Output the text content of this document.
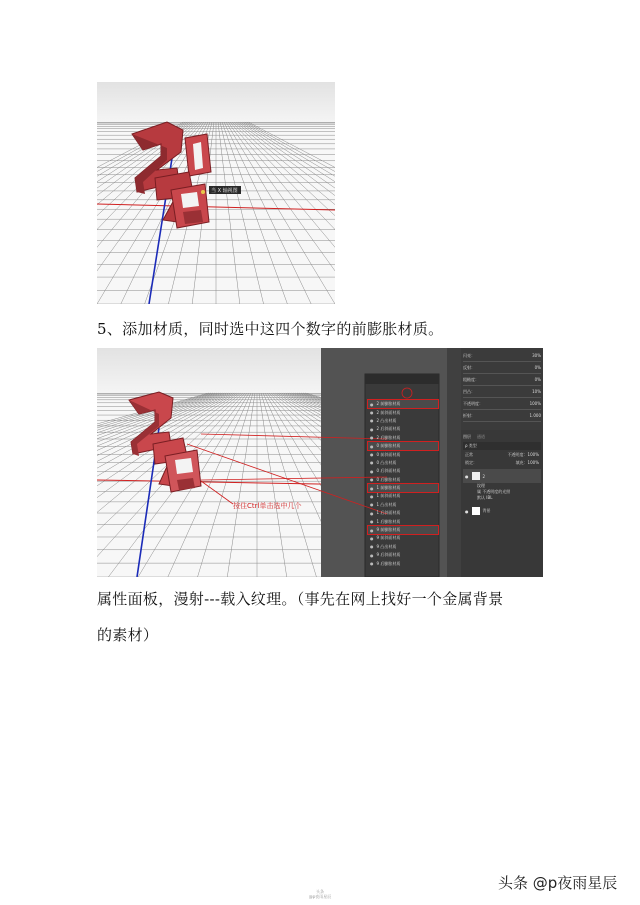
当 X 轴视图
5、添加材质，同时选中这四个数字的前膨胀材质。
按住Ctrl单击选中几个
● 2 前膨胀材质
● 2 前斜面材质
● 2 凸出材质
● 2 后斜面材质
● 2 后膨胀材质
● 0 前膨胀材质
● 0 前斜面材质
● 0 凸出材质
● 0 后斜面材质
● 0 后膨胀材质
● 1 前膨胀材质
● 1 前斜面材质
● 1 凸出材质
● 1 后斜面材质
● 1 后膨胀材质
● 9 前膨胀材质
● 9 前斜面材质
● 9 凸出材质
● 9 后斜面材质
● 9 后膨胀材质
闪亮：	30%
反射：	0%
粗糙度：	0%
凹凸：	10%
不透明度：	100%
折射：	1.000
图层 通道
ρ 类型
正常	不透明度：100%
锁定：	填充：100%
●	2
纹理
属 不透明度的光照
默认 IBL
●	背景
属性面板，漫射---载入纹理。（事先在网上找好一个金属背景
的素材）
头条
@p夜雨星辰
头条 @p夜雨星辰
